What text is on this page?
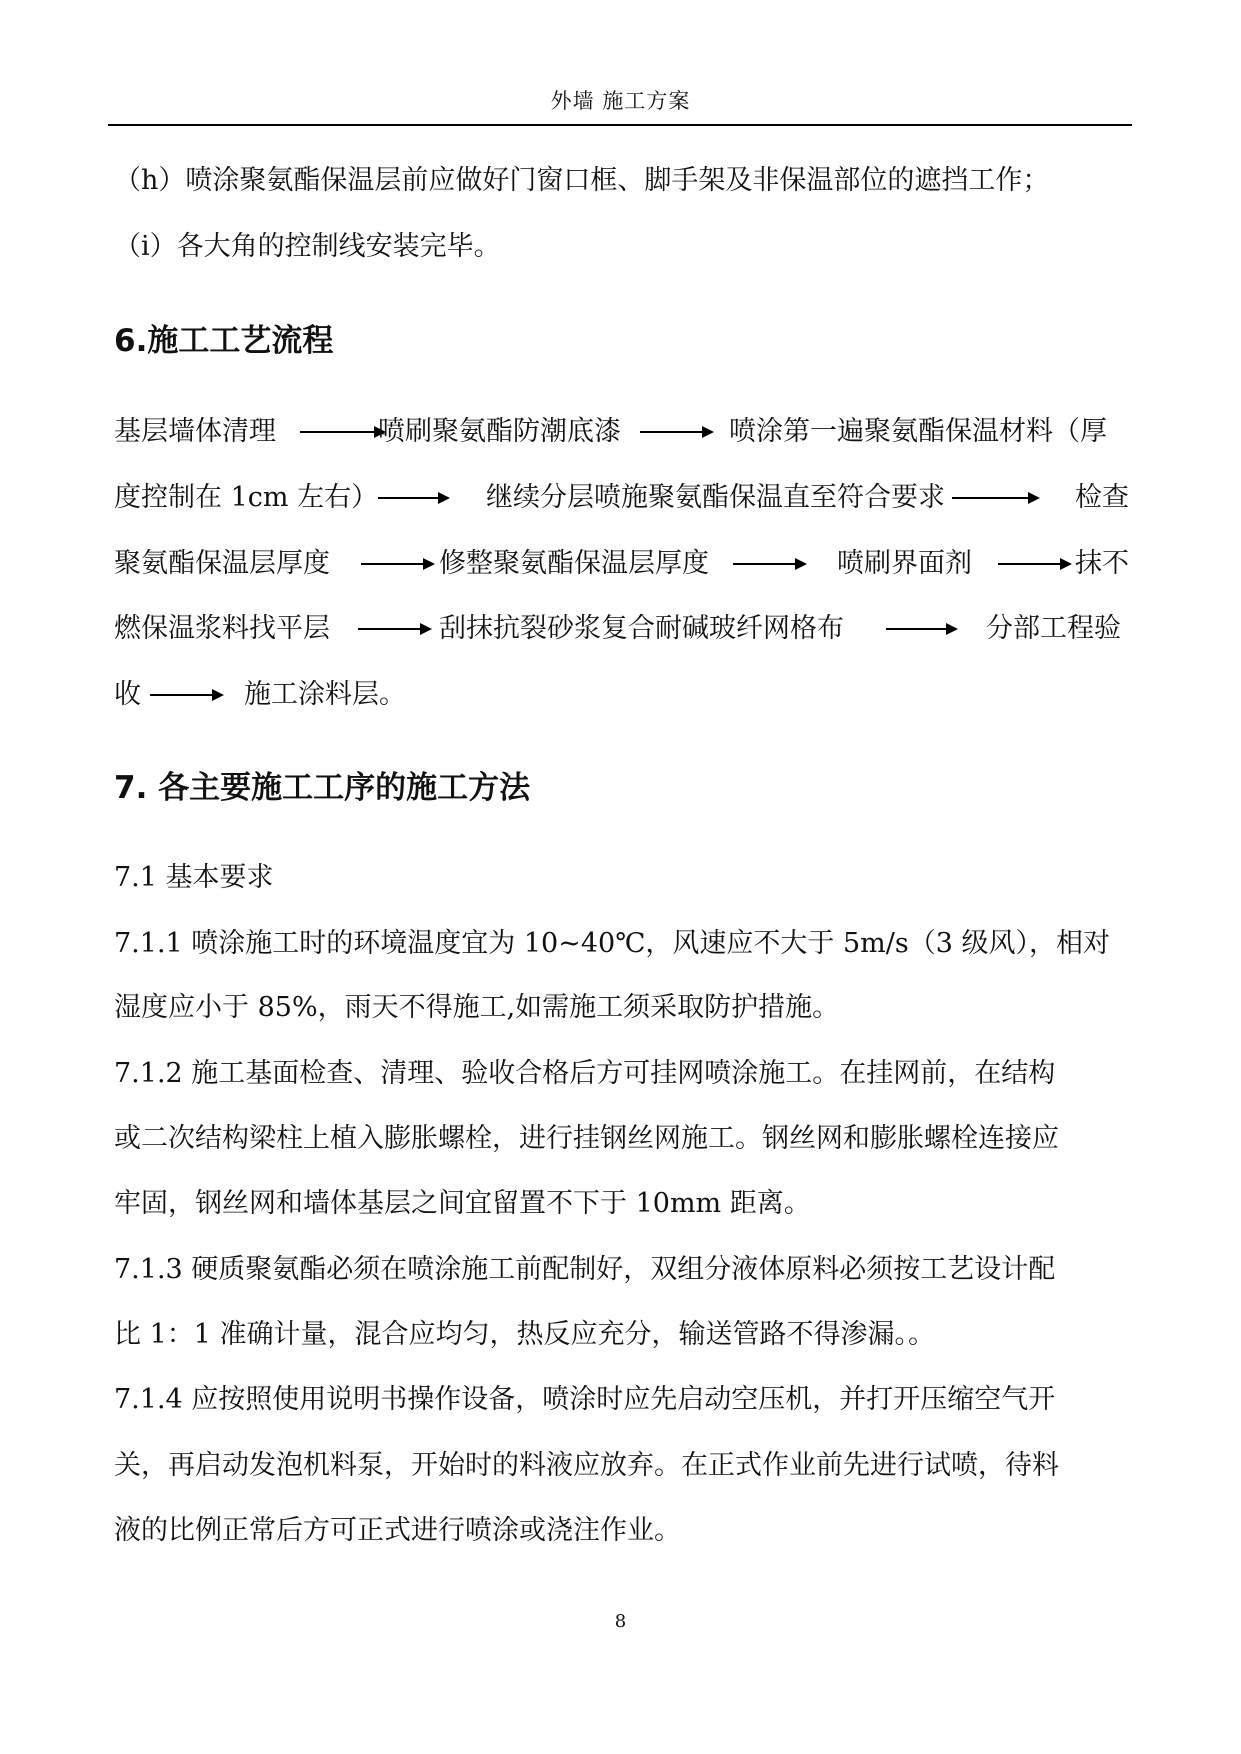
外墙 施工方案
（h）喷涂聚氨酯保温层前应做好门窗口框、脚手架及非保温部位的遮挡工作；
（i）各大角的控制线安装完毕。
6.施工工艺流程
基层墙体清理	喷刷聚氨酯防潮底漆	喷涂第一遍聚氨酯保温材料（厚
度控制在 1cm 左右）	继续分层喷施聚氨酯保温直至符合要求	检查
聚氨酯保温层厚度	修整聚氨酯保温层厚度	喷刷界面剂	抹不
燃保温浆料找平层	刮抹抗裂砂浆复合耐碱玻纤网格布	分部工程验
收	施工涂料层。
7. 各主要施工工序的施工方法
7.1 基本要求
7.1.1 喷涂施工时的环境温度宜为 10~40℃，风速应不大于 5m/s（3 级风），相对
湿度应小于 85%，雨天不得施工,如需施工须采取防护措施。
7.1.2 施工基面检查、清理、验收合格后方可挂网喷涂施工。在挂网前，在结构
或二次结构梁柱上植入膨胀螺栓，进行挂钢丝网施工。钢丝网和膨胀螺栓连接应
牢固，钢丝网和墙体基层之间宜留置不下于 10mm 距离。
7.1.3 硬质聚氨酯必须在喷涂施工前配制好，双组分液体原料必须按工艺设计配
比 1：1 准确计量，混合应均匀，热反应充分，输送管路不得渗漏。。
7.1.4 应按照使用说明书操作设备，喷涂时应先启动空压机，并打开压缩空气开
关，再启动发泡机料泵，开始时的料液应放弃。在正式作业前先进行试喷，待料
液的比例正常后方可正式进行喷涂或浇注作业。
8
